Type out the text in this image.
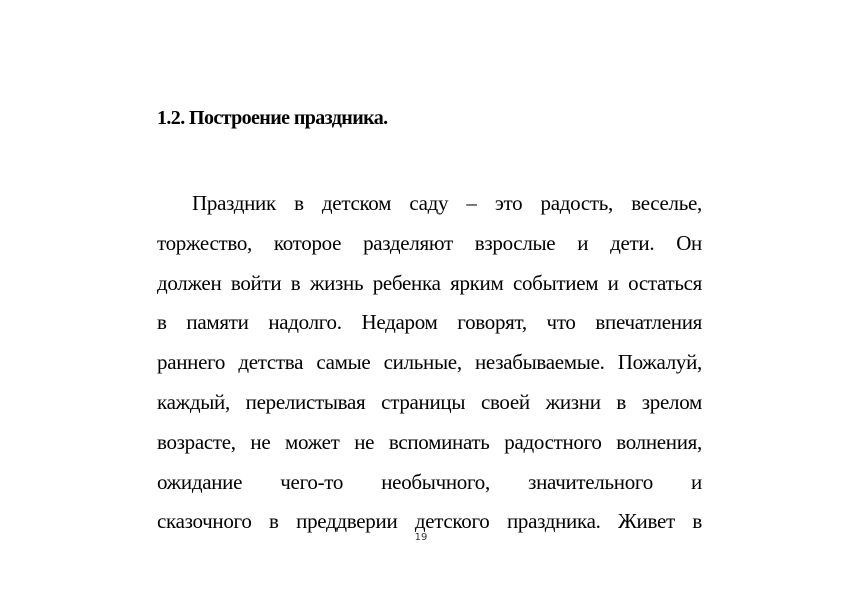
1.2. Построение праздника.
Праздник в детском саду – это радость, веселье,
торжество, которое разделяют взрослые и дети. Он
должен войти в жизнь ребенка ярким событием и остаться
в памяти надолго. Недаром говорят, что впечатления
раннего детства самые сильные, незабываемые. Пожалуй,
каждый, перелистывая страницы своей жизни в зрелом
возрасте, не может не вспоминать радостного волнения,
ожидание чего-то необычного, значительного и
сказочного в преддверии детского праздника. Живет в
19
